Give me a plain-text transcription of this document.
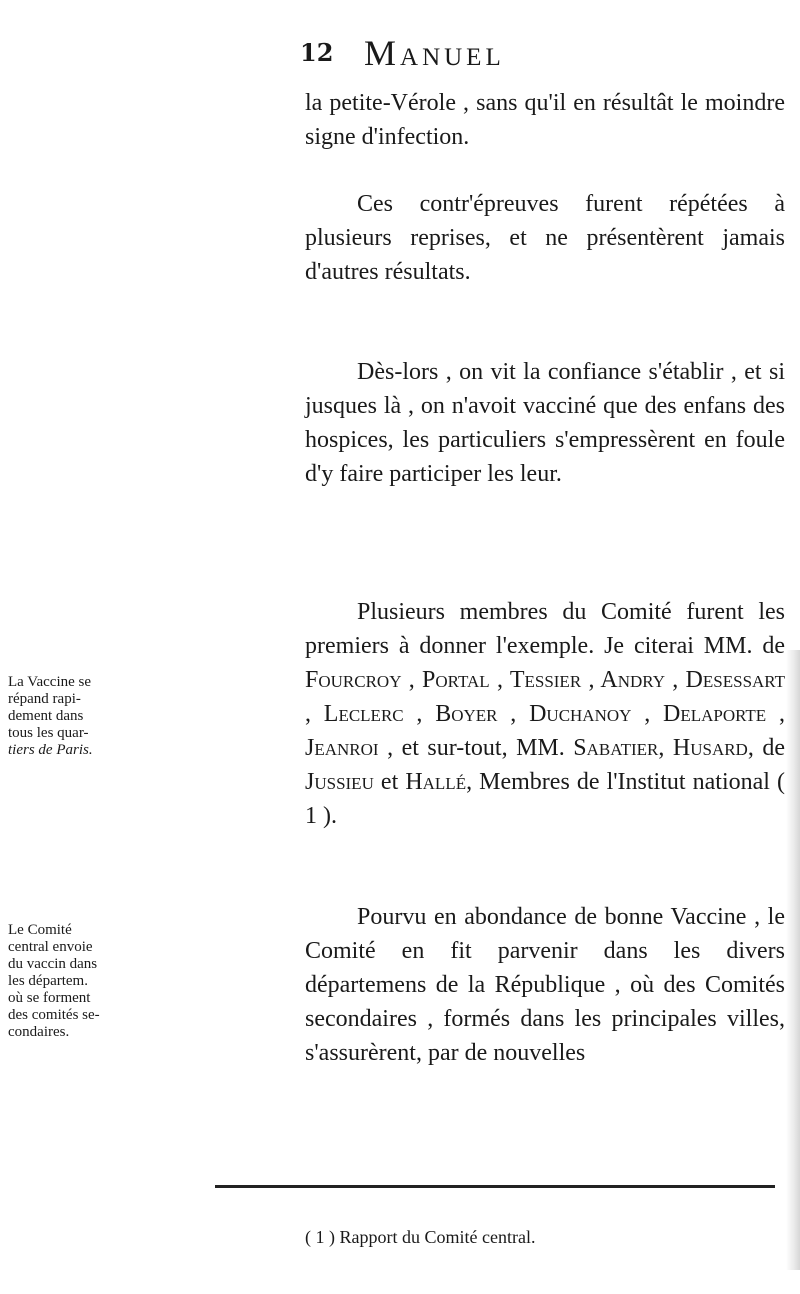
12 Manuel

la petite-Vérole , sans qu'il en résultât le moindre signe d'infection.

Ces contr'épreuves furent répétées à plusieurs reprises, et ne présentèrent jamais d'autres résultats.

Dès-lors , on vit la confiance s'établir , et si jusques là , on n'avoit vacciné que des enfans des hospices, les particuliers s'empressèrent en foule d'y faire participer les leur.

Plusieurs membres du Comité furent les premiers à donner l'exemple. Je citerai MM. de Fourcroy , Portal , Tessier , Andry , Desessart , Leclerc , Boyer , Duchanoy , Delaporte , Jeanroi , et sur-tout, MM. Sabatier, Husard, de Jussieu et Hallé, Membres de l'Institut national ( 1 ).

Pourvu en abondance de bonne Vaccine , le Comité en fit parvenir dans les divers départemens de la République , où des Comités secondaires , formés dans les principales villes, s'assurèrent, par de nouvelles

La Vaccine se
répand rapi-
dement dans
tous les quar-
tiers de Paris.
Le Comité
central envoie
du vaccin dans
les départem.
où se forment
des comités se-
condaires.
( 1 ) Rapport du Comité central.
